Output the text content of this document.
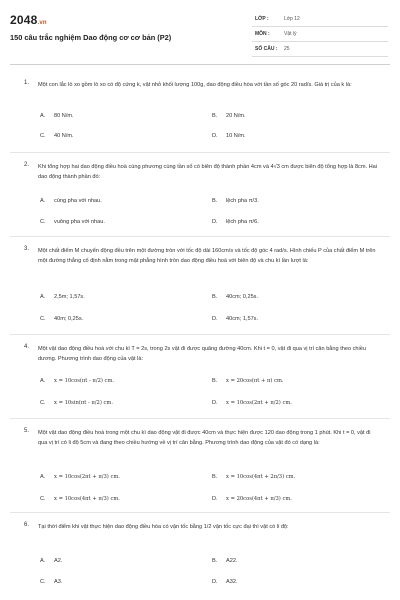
2048.vn
150 câu trắc nghiệm Dao động cơ cơ bản (P2)
LỚP :	Lớp 12
MÔN :	Vật lý
SỐ CÂU : 25
1. Một con lắc lò xo gồm lò xo có độ cứng k, vật nhỏ khối lượng 100g, dao động điều hòa với tần số góc 20 rad/s. Giá trị của k là:
A. 80 N/m.	B. 20 N/m.
C. 40 N/m.	D. 10 N/m.
2. Khi tổng hợp hai dao động điều hoà cùng phương cùng tần số có biên độ thành phần 4cm và 4√3 cm được biên độ tổng hợp là 8cm. Hai dao động thành phần đó:
A. cùng pha với nhau.	B. lệch pha π/3.
C. vuông pha với nhau.	D. lệch pha π/6.
3. Một chất điểm M chuyển động đều trên một đường tròn với tốc độ dài 160cm/s và tốc độ góc 4 rad/s. Hình chiếu P của chất điểm M trên một đường thẳng cố định nằm trong mặt phẳng hình tròn dao động điều hoà với biên độ và chu kì lần lượt là:
A. 2,5m; 1,57s.	B. 40cm; 0,25s.
C. 40m; 0,25s.	D. 40cm; 1,57s.
4. Một vật dao động điều hoà với chu kì T = 2s, trong 2s vật đi được quãng đường 40cm. Khi t = 0, vật đi qua vị trí cân bằng theo chiều dương. Phương trình dao động của vật là:
A. x = 10cos(πt - π/2) cm.	B. x = 20cos(πt + π) cm.
C. x = 10sin(πt - π/2) cm.	D. x = 10cos(2πt + π/2) cm.
5. Một vật dao động điều hoà trong một chu kì dao động vật đi được 40cm và thực hiện được 120 dao động trong 1 phút. Khi t = 0, vật đi qua vị trí có li độ 5cm và đang theo chiều hướng về vị trí cân bằng. Phương trình dao động của vật đó có dạng là:
A. x = 10cos(2πt + π/3) cm.	B. x = 10cos(4πt + 2π/3) cm.
C. x = 10cos(4πt + π/3) cm.	D. x = 20cos(4πt + π/3) cm.
6. Tại thời điểm khi vật thực hiện dao động điều hòa có vận tốc bằng 1/2 vận tốc cực đại thì vật có li độ:
A. A2.	B. A22.
C. A3.	D. A32.
